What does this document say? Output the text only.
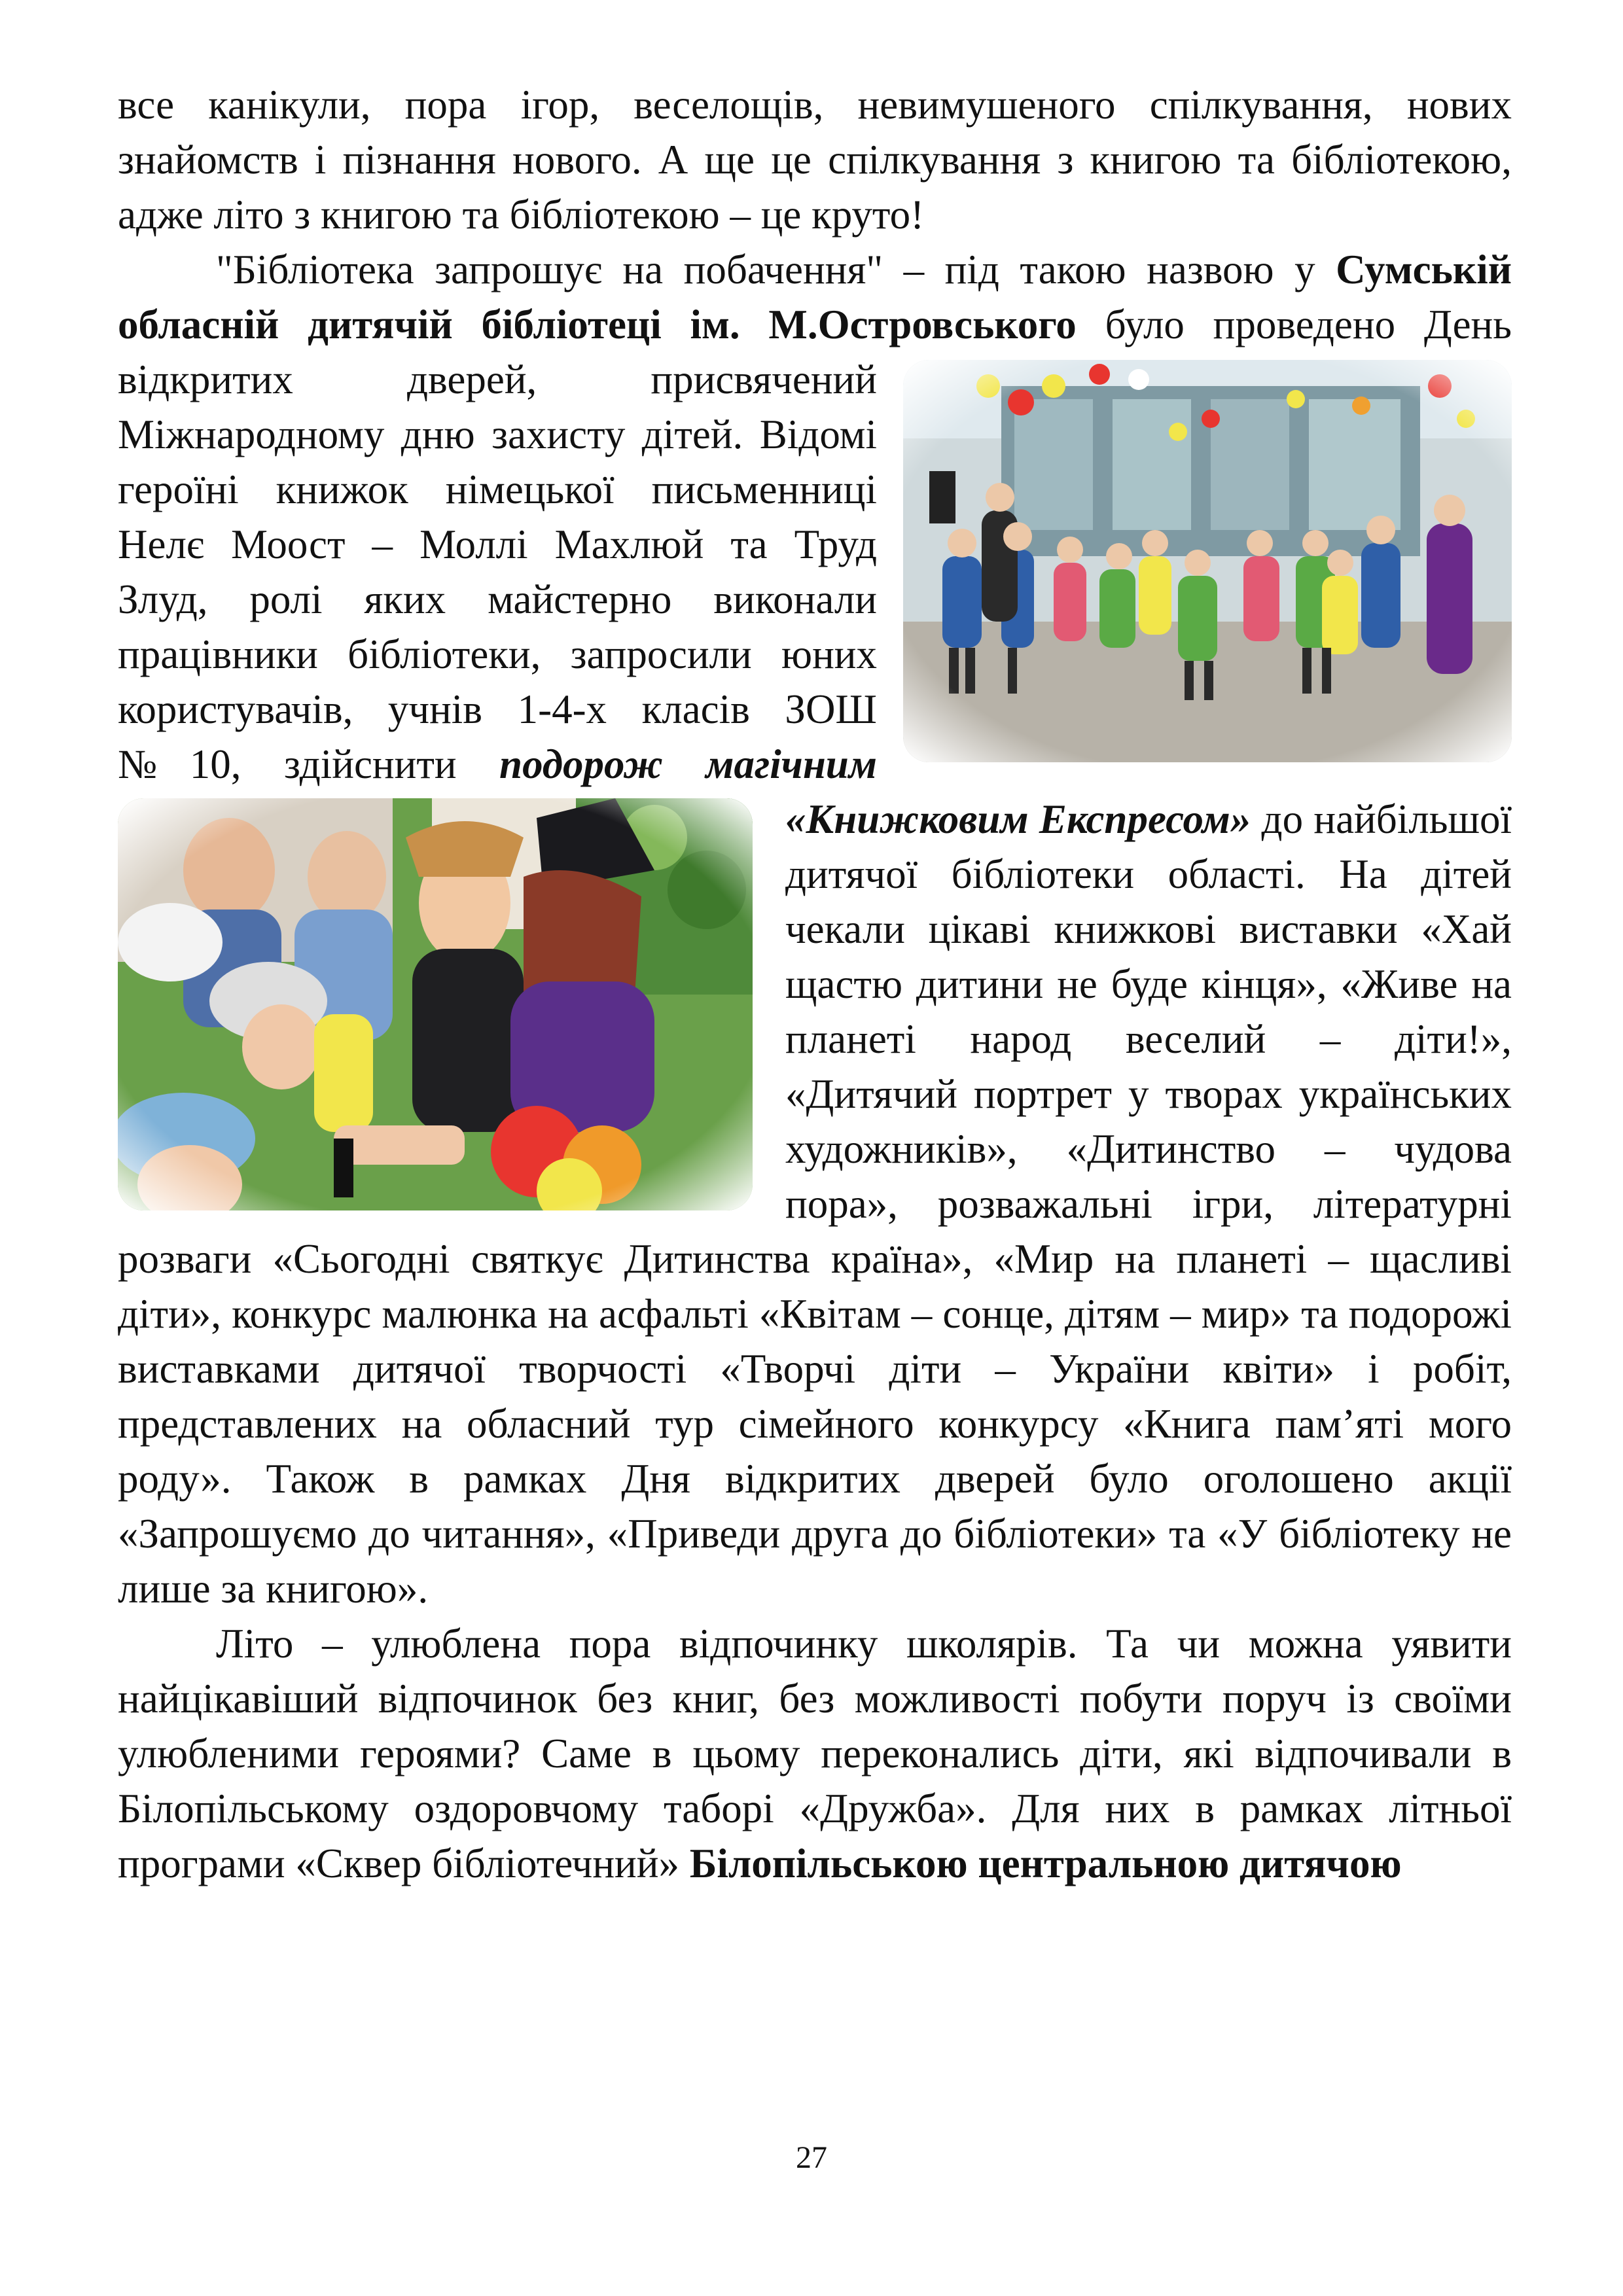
все канікули, пора ігор, веселощів, невимушеного спілкування, нових знайомств і пізнання нового. А ще це спілкування з книгою та бібліотекою, адже літо з книгою та бібліотекою – це круто!

"Бібліотека запрошує на побачення" – під такою назвою у Сумській обласній дитячій бібліотеці ім. М.Островського
було проведено День відкритих дверей, присвячений Міжнародному дню захисту дітей. Відомі героїні книжок німецької письменниці Нелє Моост – Моллі Махлюй та Труд Злуд, ролі яких майстерно виконали працівники бібліотеки, запросили юних користувачів, учнів 1-4-х класів ЗОШ №10, здійснити подорож магічним «Книжковим Експресом»
до найбільшої дитячої бібліотеки області. На дітей чекали цікаві книжкові виставки «Хай щастю дитини не буде кінця», «Живе на планеті народ веселий – діти!», «Дитячий портрет у творах українських художників», «Дитинство – чудова пора», розважальні ігри, літературні розваги «Сьогодні святкує Дитинства країна», «Мир на планеті – щасливі діти», конкурс малюнка на асфальті «Квітам – сонце, дітям – мир» та подорожі виставками дитячої творчості «Творчі діти – України квіти» і робіт, представлених на обласний тур сімейного конкурсу «Книга пам’яті мого роду». Також в рамках Дня відкритих дверей було оголошено акції «Запрошуємо до читання», «Приведи друга до бібліотеки» та «У бібліотеку не лише за книгою».

Літо – улюблена пора відпочинку школярів. Та чи можна уявити найцікавіший відпочинок без книг, без можливості побути поруч із своїми улюбленими героями? Саме в цьому переконались діти, які відпочивали в Білопільському оздоровчому таборі «Дружба». Для них в рамках літньої програми «Сквер бібліотечний» Білопільською центральною дитячою

27
